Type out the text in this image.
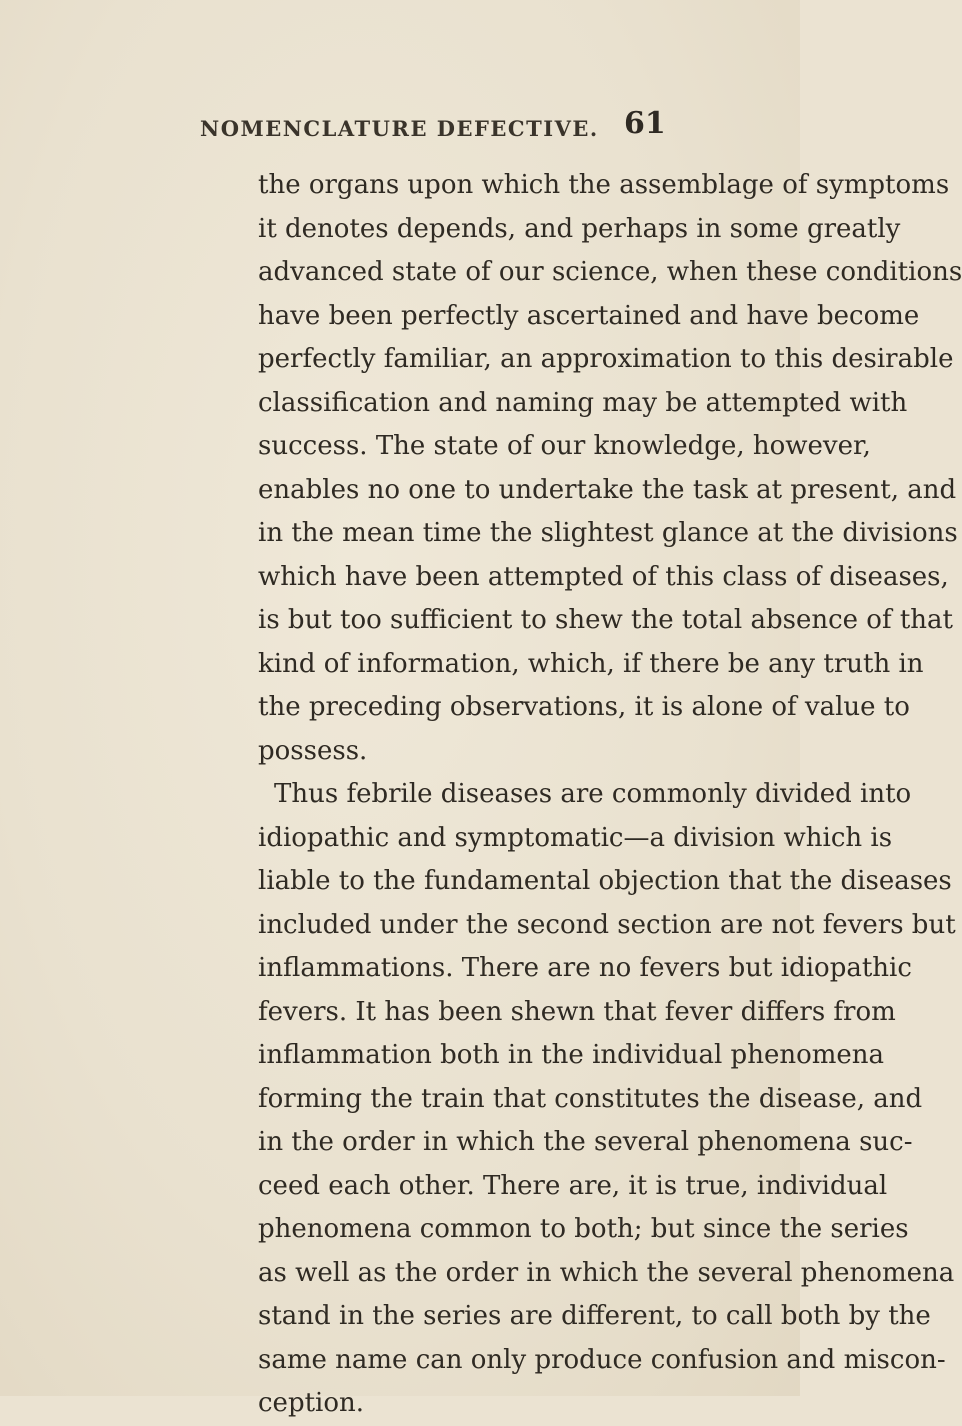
NOMENCLATURE DEFECTIVE. 61
the organs upon which the assemblage of symptoms
it denotes depends, and perhaps in some greatly
advanced state of our science, when these conditions
have been perfectly ascertained and have become
perfectly familiar, an approximation to this desirable
classification and naming may be attempted with
success. The state of our knowledge, however,
enables no one to undertake the task at present, and
in the mean time the slightest glance at the divisions
which have been attempted of this class of diseases,
is but too sufficient to shew the total absence of that
kind of information, which, if there be any truth in
the preceding observations, it is alone of value to
possess.
Thus febrile diseases are commonly divided into
idiopathic and symptomatic—a division which is
liable to the fundamental objection that the diseases
included under the second section are not fevers but
inflammations. There are no fevers but idiopathic
fevers. It has been shewn that fever differs from
inflammation both in the individual phenomena
forming the train that constitutes the disease, and
in the order in which the several phenomena suc-
ceed each other. There are, it is true, individual
phenomena common to both; but since the series
as well as the order in which the several phenomena
stand in the series are different, to call both by the
same name can only produce confusion and miscon-
ception.
